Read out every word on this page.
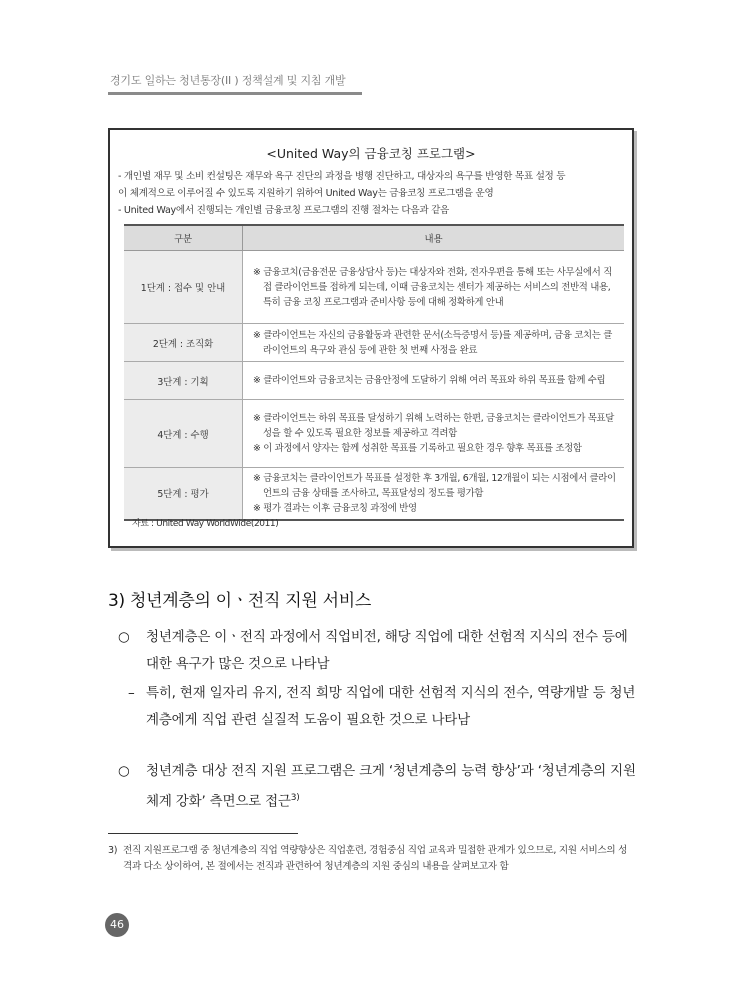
경기도 일하는 청년통장(II ) 정책설계 및 지침 개발
<United Way의 금융코칭 프로그램>

- 개인별 재무 및 소비 컨설팅은 재무와 욕구 진단의 과정을 병행 진단하고, 대상자의 욕구를 반영한 목표 설정 등

이 체계적으로 이루어질 수 있도록 지원하기 위하여 United Way는 금융코칭 프로그램을 운영

- United Way에서 진행되는 개인별 금융코칭 프로그램의 진행 절차는 다음과 같음

구분	내용
1단계 : 접수 및 안내	※ 금융코치(금융전문 금융상담사 등)는 대상자와 전화, 전자우편을 통해 또는 사무실에서 직접 클라이언트를 접하게 되는데, 이때 금융코치는 센터가 제공하는 서비스의 전반적 내용, 특히 금융 코칭 프로그램과 준비사항 등에 대해 정확하게 안내

2단계 : 조직화	※ 클라이언트는 자신의 금융활동과 관련한 문서(소득증명서 등)를 제공하며, 금융 코치는 클라이언트의 욕구와 관심 등에 관한 첫 번째 사정을 완료

3단계 : 기획	※ 클라이언트와 금융코치는 금융안정에 도달하기 위해 여러 목표와 하위 목표를 함께 수립

4단계 : 수행	※ 클라이언트는 하위 목표를 달성하기 위해 노력하는 한편, 금융코치는 클라이언트가 목표달성을 할 수 있도록 필요한 정보를 제공하고 격려함
※ 이 과정에서 양자는 함께 성취한 목표를 기록하고 필요한 경우 향후 목표를 조정함

5단계 : 평가	※ 금융코치는 클라이언트가 목표를 설정한 후 3개월, 6개월, 12개월이 되는 시점에서 클라이언트의 금융 상태를 조사하고, 목표달성의 정도를 평가함
※ 평가 결과는 이후 금융코칭 과정에 반영
자료 : United Way WorldWide(2011)
3) 청년계층의 이ㆍ전직 지원 서비스
○	청년계층은 이ㆍ전직 과정에서 직업비전, 해당 직업에 대한 선험적 지식의 전수 등에 대한 욕구가 많은 것으로 나타남
– 특히, 현재 일자리 유지, 전직 희망 직업에 대한 선험적 지식의 전수, 역량개발 등 청년계층에게 직업 관련 실질적 도움이 필요한 것으로 나타남
○	청년계층 대상 전직 지원 프로그램은 크게 ‘청년계층의 능력 향상’과 ‘청년계층의 지원 체계 강화’ 측면으로 접근$^{3)}$
3) 전직 지원프로그램 중 청년계층의 직업 역량향상은 직업훈련, 경험중심 직업 교육과 밀접한 관계가 있으므로, 지원 서비스의 성격과 다소 상이하여, 본 절에서는 전직과 관련하여 청년계층의 지원 중심의 내용을 살펴보고자 함
46
